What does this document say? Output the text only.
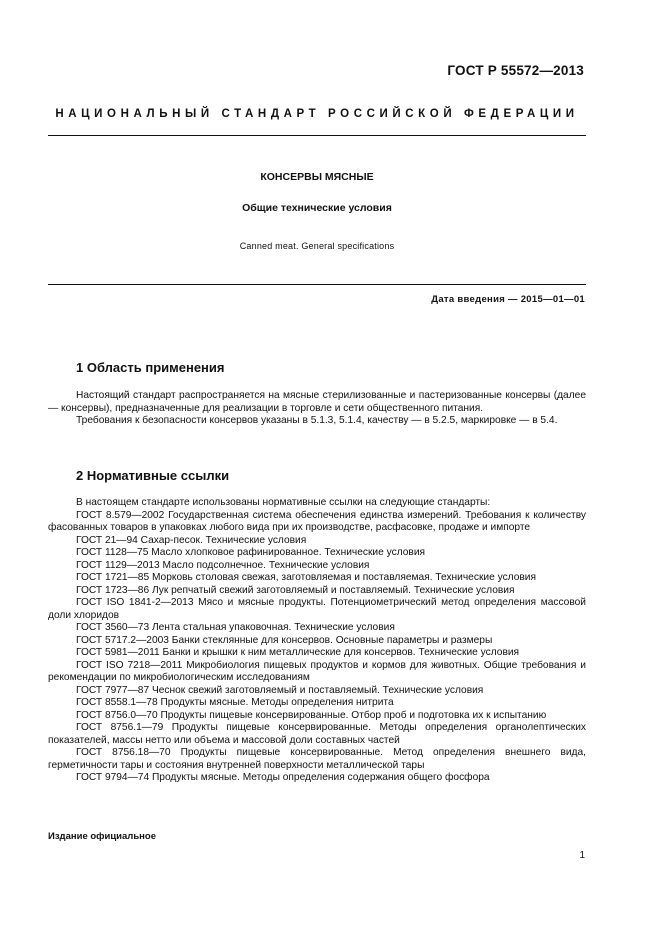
ГОСТ Р 55572—2013
НАЦИОНАЛЬНЫЙ СТАНДАРТ РОССИЙСКОЙ ФЕДЕРАЦИИ
КОНСЕРВЫ МЯСНЫЕ
Общие технические условия
Canned meat. General specifications
Дата введения — 2015—01—01
1 Область применения

Настоящий стандарт распространяется на мясные стерилизованные и пастеризованные консервы (далее — консервы), предназначенные для реализации в торговле и сети общественного питания.

Требования к безопасности консервов указаны в 5.1.3, 5.1.4, качеству — в 5.2.5, маркировке — в 5.4.

2 Нормативные ссылки

В настоящем стандарте использованы нормативные ссылки на следующие стандарты:

ГОСТ 8.579—2002 Государственная система обеспечения единства измерений. Требования к количеству фасованных товаров в упаковках любого вида при их производстве, расфасовке, продаже и импорте

ГОСТ 21—94 Сахар-песок. Технические условия

ГОСТ 1128—75 Масло хлопковое рафинированное. Технические условия

ГОСТ 1129—2013 Масло подсолнечное. Технические условия

ГОСТ 1721—85 Морковь столовая свежая, заготовляемая и поставляемая. Технические условия

ГОСТ 1723—86 Лук репчатый свежий заготовляемый и поставляемый. Технические условия

ГОСТ ISO 1841-2—2013 Мясо и мясные продукты. Потенциометрический метод определения массовой доли хлоридов

ГОСТ 3560—73 Лента стальная упаковочная. Технические условия

ГОСТ 5717.2—2003 Банки стеклянные для консервов. Основные параметры и размеры

ГОСТ 5981—2011 Банки и крышки к ним металлические для консервов. Технические условия

ГОСТ ISO 7218—2011 Микробиология пищевых продуктов и кормов для животных. Общие требования и рекомендации по микробиологическим исследованиям

ГОСТ 7977—87 Чеснок свежий заготовляемый и поставляемый. Технические условия

ГОСТ 8558.1—78 Продукты мясные. Методы определения нитрита

ГОСТ 8756.0—70 Продукты пищевые консервированные. Отбор проб и подготовка их к испытанию

ГОСТ 8756.1—79 Продукты пищевые консервированные. Методы определения органолептических показателей, массы нетто или объема и массовой доли составных частей

ГОСТ 8756.18—70 Продукты пищевые консервированные. Метод определения внешнего вида, герметичности тары и состояния внутренней поверхности металлической тары

ГОСТ 9794—74 Продукты мясные. Методы определения содержания общего фосфора

Издание официальное
1
